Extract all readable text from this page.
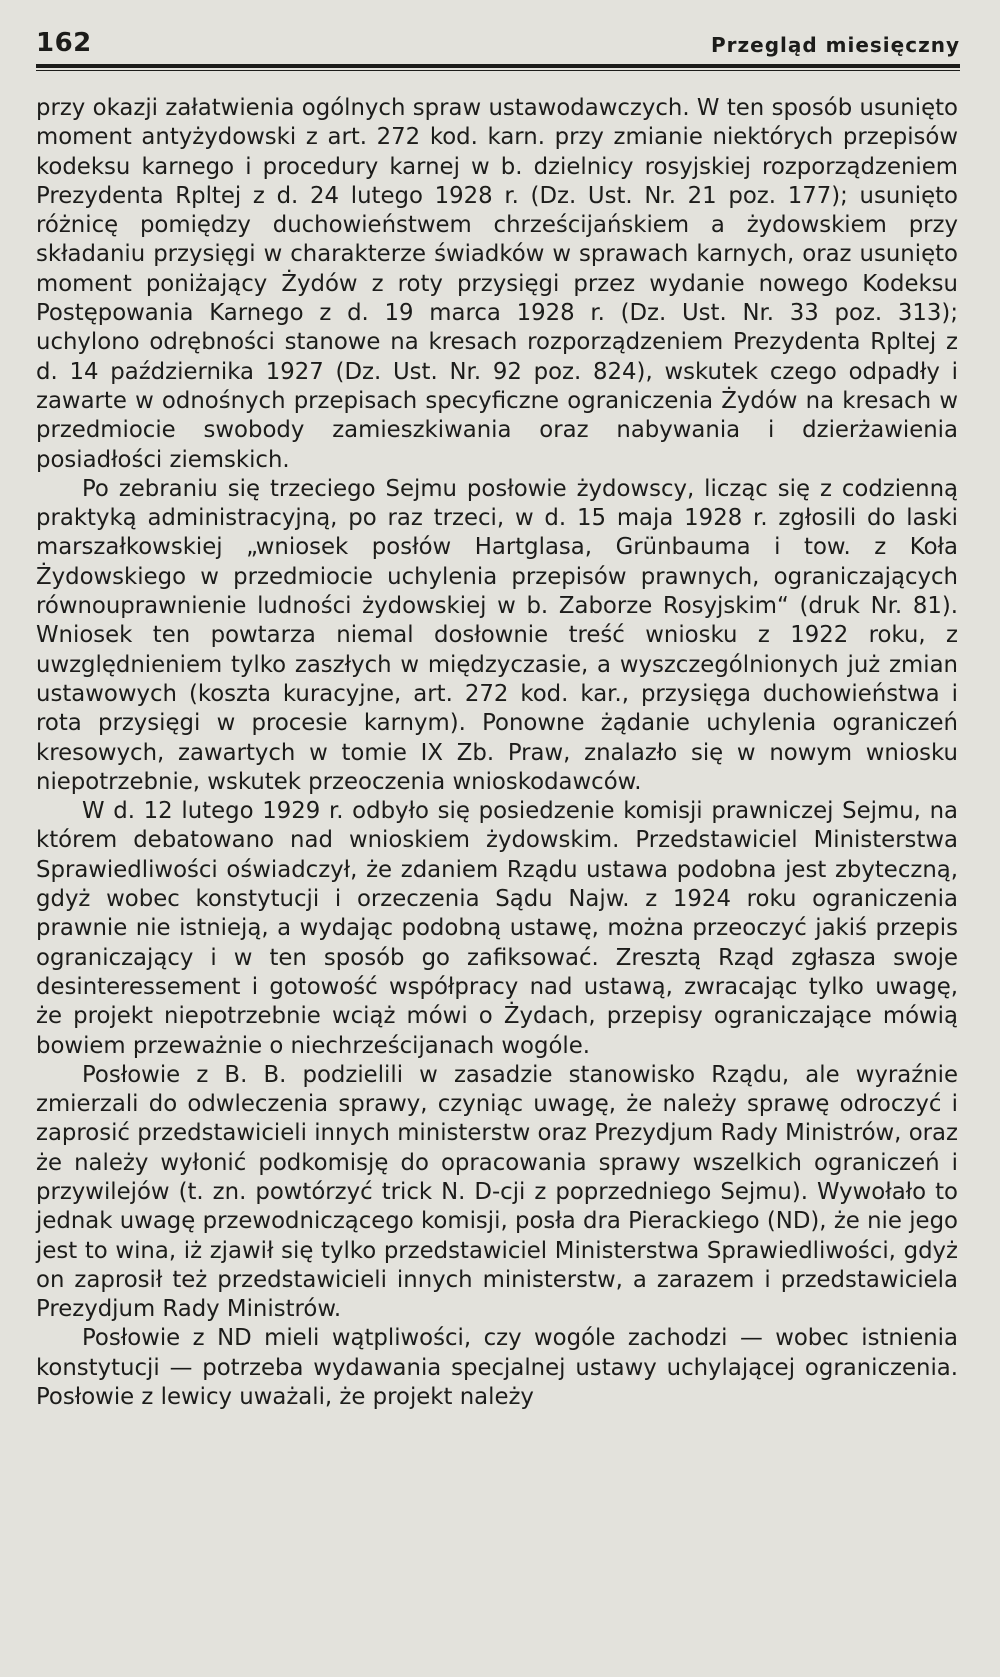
162	Przegląd miesięczny

przy okazji załatwienia ogólnych spraw ustawodawczych. W ten sposób usunięto moment antyżydowski z art. 272 kod. karn. przy zmianie niektórych przepisów kodeksu karnego i procedury karnej w b. dzielnicy rosyjskiej rozporządzeniem Prezydenta Rpltej z d. 24 lutego 1928 r. (Dz. Ust. Nr. 21 poz. 177); usunięto różnicę pomiędzy duchowieństwem chrześcijańskiem a żydowskiem przy składaniu przysięgi w charakterze świadków w sprawach karnych, oraz usunięto moment poniżający Żydów z roty przysięgi przez wydanie nowego Kodeksu Postępowania Karnego z d. 19 marca 1928 r. (Dz. Ust. Nr. 33 poz. 313); uchylono odrębności stanowe na kresach rozporządzeniem Prezydenta Rpltej z d. 14 października 1927 (Dz. Ust. Nr. 92 poz. 824), wskutek czego odpadły i zawarte w odnośnych przepisach specyficzne ograniczenia Żydów na kresach w przedmiocie swobody zamieszkiwania oraz nabywania i dzierżawienia posiadłości ziemskich.

Po zebraniu się trzeciego Sejmu posłowie żydowscy, licząc się z codzienną praktyką administracyjną, po raz trzeci, w d. 15 maja 1928 r. zgłosili do laski marszałkowskiej „wniosek posłów Hartglasa, Grünbauma i tow. z Koła Żydowskiego w przedmiocie uchylenia przepisów prawnych, ograniczających równouprawnienie ludności żydowskiej w b. Zaborze Rosyjskim“ (druk Nr. 81). Wniosek ten powtarza niemal dosłownie treść wniosku z 1922 roku, z uwzględnieniem tylko zaszłych w międzyczasie, a wyszczególnionych już zmian ustawowych (koszta kuracyjne, art. 272 kod. kar., przysięga duchowieństwa i rota przysięgi w procesie karnym). Ponowne żądanie uchylenia ograniczeń kresowych, zawartych w tomie IX Zb. Praw, znalazło się w nowym wniosku niepotrzebnie, wskutek przeoczenia wnioskodawców.

W d. 12 lutego 1929 r. odbyło się posiedzenie komisji prawniczej Sejmu, na którem debatowano nad wnioskiem żydowskim. Przedstawiciel Ministerstwa Sprawiedliwości oświadczył, że zdaniem Rządu ustawa podobna jest zbyteczną, gdyż wobec konstytucji i orzeczenia Sądu Najw. z 1924 roku ograniczenia prawnie nie istnieją, a wydając podobną ustawę, można przeoczyć jakiś przepis ograniczający i w ten sposób go zafiksować. Zresztą Rząd zgłasza swoje desinteressement i gotowość współpracy nad ustawą, zwracając tylko uwagę, że projekt niepotrzebnie wciąż mówi o Żydach, przepisy ograniczające mówią bowiem przeważnie o niechrześcijanach wogóle.

Posłowie z B. B. podzielili w zasadzie stanowisko Rządu, ale wyraźnie zmierzali do odwleczenia sprawy, czyniąc uwagę, że należy sprawę odroczyć i zaprosić przedstawicieli innych ministerstw oraz Prezydjum Rady Ministrów, oraz że należy wyłonić podkomisję do opracowania sprawy wszelkich ograniczeń i przywilejów (t. zn. powtórzyć trick N. D-cji z poprzedniego Sejmu). Wywołało to jednak uwagę przewodniczącego komisji, posła dra Pierackiego (ND), że nie jego jest to wina, iż zjawił się tylko przedstawiciel Ministerstwa Sprawiedliwości, gdyż on zaprosił też przedstawicieli innych ministerstw, a zarazem i przedstawiciela Prezydjum Rady Ministrów.

Posłowie z ND mieli wątpliwości, czy wogóle zachodzi — wobec istnienia konstytucji — potrzeba wydawania specjalnej ustawy uchylającej ograniczenia. Posłowie z lewicy uważali, że projekt należy
